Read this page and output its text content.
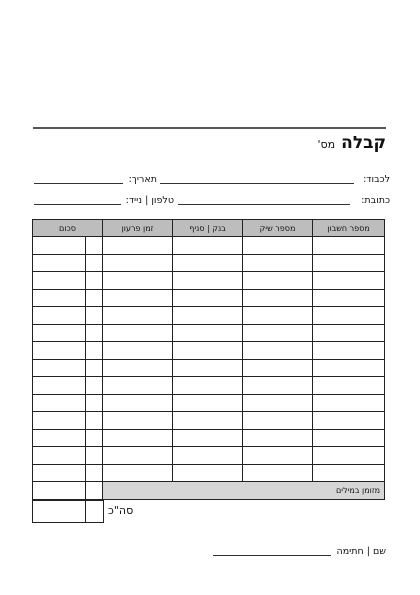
קבלהמס'
לכבוד:
תאריך:
כתובת:
טלפון | נייד:
סכום		זמן פרעון	בנק | סניף	מספר שיק	מספר חשבון

		מזומן במילים			
סה"כ
שם | חתימה
